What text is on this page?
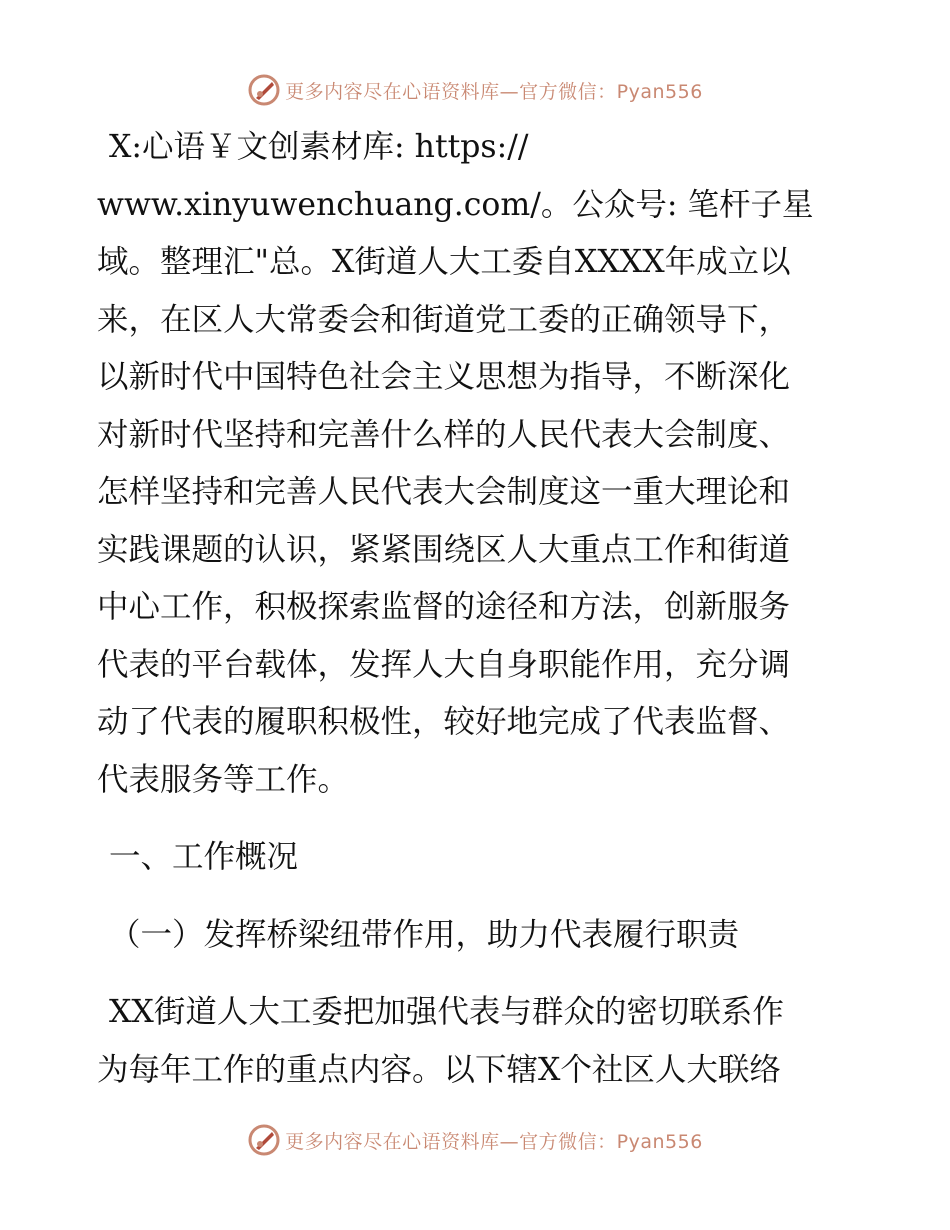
更多内容尽在心语资料库—官方微信：Pyan556
X:心语￥文创素材库: https://
www.xinyuwenchuang.com/。公众号: 笔杆子星
域。整理汇"总。X街道人大工委自XXXX年成立以
来，在区人大常委会和街道党工委的正确领导下，
以新时代中国特色社会主义思想为指导，不断深化
对新时代坚持和完善什么样的人民代表大会制度、
怎样坚持和完善人民代表大会制度这一重大理论和
实践课题的认识，紧紧围绕区人大重点工作和街道
中心工作，积极探索监督的途径和方法，创新服务
代表的平台载体，发挥人大自身职能作用，充分调
动了代表的履职积极性，较好地完成了代表监督、
代表服务等工作。
一、工作概况
（一）发挥桥梁纽带作用，助力代表履行职责
XX街道人大工委把加强代表与群众的密切联系作
为每年工作的重点内容。以下辖X个社区人大联络
更多内容尽在心语资料库—官方微信：Pyan556
